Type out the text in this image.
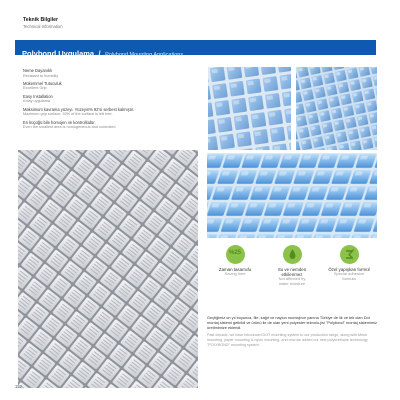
Teknik Bilgiler
Technical Information
Polybond Uygulama / Polybond Mounting Applications
Neme Dayanıklı
Resistant to humidity
Mükemmel Tutuculuk
Excellent Grip
Easy Installation
Kolay uygulama
Maksimum kavrama yüzeyi. Yüzeyin% 92'si serbest kalmıştır.
Maximum grip surface. 92% of the surface is left free.
En küçüğü bile homojen ve kontrollüdür.
Even the smallest area is homogeneous and controlled
%25
Zaman tasarrufu
Saving time
Su ve nemden
etkilenmez
Not affected by
water moisture
Özel yapışkan formül
Special adhesive
formula

Geçtiğimiz on yıl boyunca, file, kağıt ve naylon montajının yanına Türkiye de ilk ve tek olan Dot montaj sistemi getirildi ve ürünü ile de olan yeni polyester teknolo-jisi "Polybond" montaj sistemimiz üretimimize eklendi.

Past decade, we have introduced DOT mounting system to our production range, along with Mesh mounting, paper mounting & nylon mounting, and now we added our new polyurethane technology "POLYBOND" mounting system.

152
